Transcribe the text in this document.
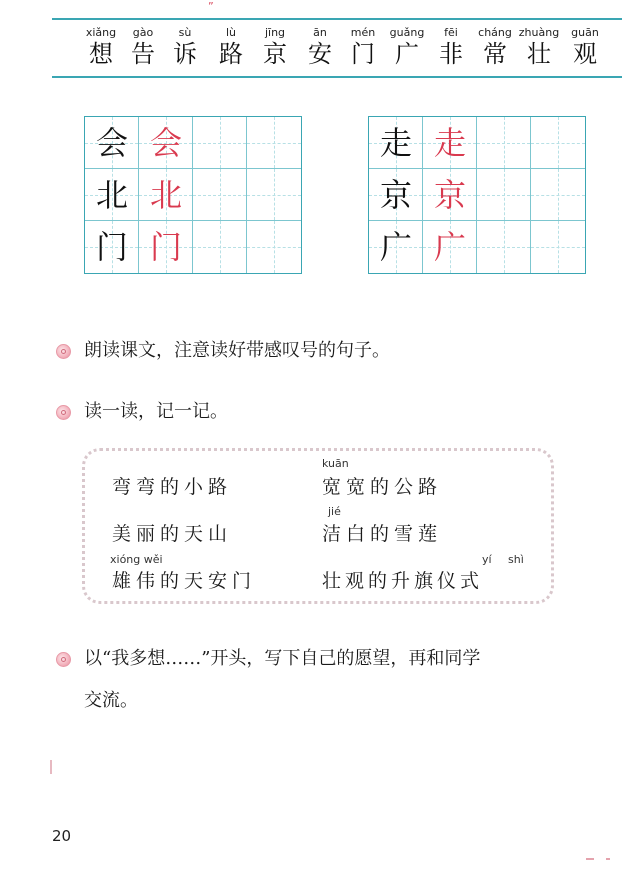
”
xiǎng
想
gào
告
sù
诉
lù
路
jīng
京
ān
安
mén
门
guǎng
广
fēi
非
cháng
常
zhuàng
壮
guān
观
会 会
北 北
门 门
走 走
京 京
广 广
朗读课文，注意读好带感叹号的句子。
读一读，记一记。
kuān
弯弯的小路	宽宽的公路
jié
美丽的天山	洁白的雪莲
xióng wěi	yí shì
雄伟的天安门	壮观的升旗仪式
以“我多想……”开头，写下自己的愿望，再和同学
交流。
20
